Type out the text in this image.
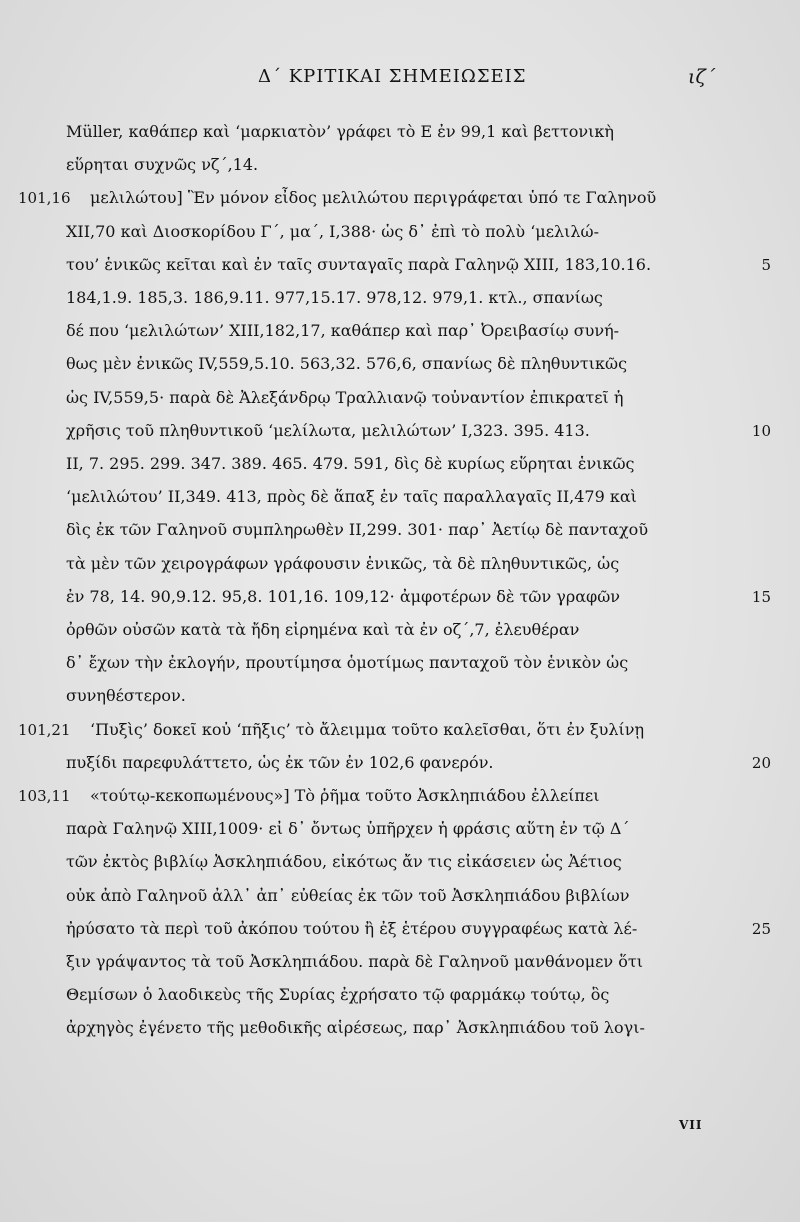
Δ΄ ΚΡΙΤΙΚΑΙ ΣΗΜΕΙΩΣΕΙΣ	ιζ΄
Müller, καθάπερ καὶ ‘μαρκιατὸν’ γράφει τὸ Ε ἐν 99,1 καὶ βεττονικὴ
εὕρηται συχνῶς νζ΄,14.
101,16	μελιλώτου] Ἓν μόνον εἶδος μελιλώτου περιγράφεται ὑπό τε Γαληνοῦ
XII,70 καὶ Διοσκορίδου Γ΄, μα΄, I,388· ὡς δ᾽ ἐπὶ τὸ πολὺ ‘μελιλώ-
του’ ἑνικῶς κεῖται καὶ ἐν ταῖς συνταγαῖς παρὰ Γαληνῷ XIII, 183,10.16.	5
184,1.9. 185,3. 186,9.11. 977,15.17. 978,12. 979,1. κτλ., σπανίως
δέ που ‘μελιλώτων’ XIII,182,17, καθάπερ καὶ παρ᾽ Ὀρειβασίῳ συνή-
θως μὲν ἑνικῶς IV,559,5.10. 563,32. 576,6, σπανίως δὲ πληθυντικῶς
ὡς IV,559,5· παρὰ δὲ Ἀλεξάνδρῳ Τραλλιανῷ τοὐναντίον ἐπικρατεῖ ἡ
χρῆσις τοῦ πληθυντικοῦ ‘μελίλωτα, μελιλώτων’ I,323. 395. 413.	10
II, 7. 295. 299. 347. 389. 465. 479. 591, δὶς δὲ κυρίως εὕρηται ἑνικῶς
‘μελιλώτου’ II,349. 413, πρὸς δὲ ἅπαξ ἐν ταῖς παραλλαγαῖς II,479 καὶ
δὶς ἐκ τῶν Γαληνοῦ συμπληρωθὲν II,299. 301· παρ᾽ Ἀετίῳ δὲ πανταχοῦ
τὰ μὲν τῶν χειρογράφων γράφουσιν ἑνικῶς, τὰ δὲ πληθυντικῶς, ὡς
ἐν 78, 14. 90,9.12. 95,8. 101,16. 109,12· ἀμφοτέρων δὲ τῶν γραφῶν	15
ὀρθῶν οὐσῶν κατὰ τὰ ἤδη εἰρημένα καὶ τὰ ἐν οζ΄,7, ἐλευθέραν
δ᾽ ἔχων τὴν ἐκλογήν, προυτίμησα ὁμοτίμως πανταχοῦ τὸν ἑνικὸν ὡς
συνηθέστερον.
101,21	‘Πυξὶς’ δοκεῖ κοὐ ‘πῆξις’ τὸ ἄλειμμα τοῦτο καλεῖσθαι, ὅτι ἐν ξυλίνῃ
πυξίδι παρεφυλάττετο, ὡς ἐκ τῶν ἐν 102,6 φανερόν.	20
103,11	«τούτῳ-κεκοπωμένους»] Τὸ ῥῆμα τοῦτο Ἀσκληπιάδου ἐλλείπει
παρὰ Γαληνῷ XIII,1009· εἰ δ᾽ ὄντως ὑπῆρχεν ἡ φράσις αὕτη ἐν τῷ Δ΄
τῶν ἐκτὸς βιβλίῳ Ἀσκληπιάδου, εἰκότως ἄν τις εἰκάσειεν ὡς Ἀέτιος
οὐκ ἀπὸ Γαληνοῦ ἀλλ᾽ ἀπ᾽ εὐθείας ἐκ τῶν τοῦ Ἀσκληπιάδου βιβλίων
ἠρύσατο τὰ περὶ τοῦ ἀκόπου τούτου ἢ ἐξ ἑτέρου συγγραφέως κατὰ λέ-	25
ξιν γράψαντος τὰ τοῦ Ἀσκληπιάδου. παρὰ δὲ Γαληνοῦ μανθάνομεν ὅτι
Θεμίσων ὁ λαοδικεὺς τῆς Συρίας ἐχρήσατο τῷ φαρμάκῳ τούτῳ, ὃς
ἀρχηγὸς ἐγένετο τῆς μεθοδικῆς αἱρέσεως, παρ᾽ Ἀσκληπιάδου τοῦ λογι-
VII
